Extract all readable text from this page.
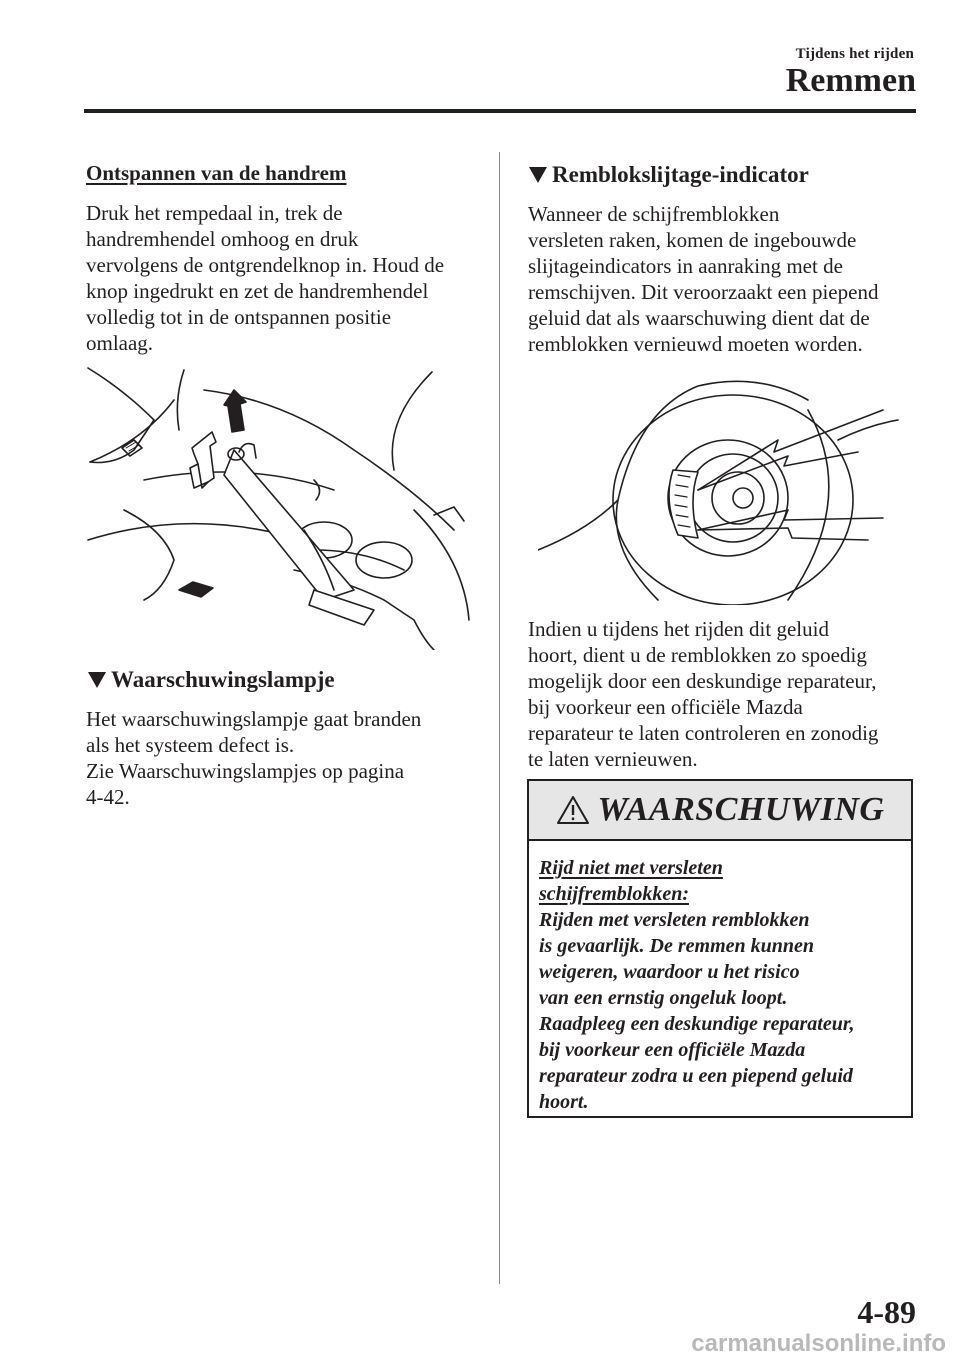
Tijdens het rijden
Remmen
Ontspannen van de handrem
Druk het rempedaal in, trek de
handremhendel omhoog en druk
vervolgens de ontgrendelknop in. Houd de
knop ingedrukt en zet de handremhendel
volledig tot in de ontspannen positie
omlaag.
Waarschuwingslampje
Het waarschuwingslampje gaat branden
als het systeem defect is.
Zie Waarschuwingslampjes op pagina
4-42.
Remblokslijtage-indicator
Wanneer de schijfremblokken
versleten raken, komen de ingebouwde
slijtageindicators in aanraking met de
remschijven. Dit veroorzaakt een piepend
geluid dat als waarschuwing dient dat de
remblokken vernieuwd moeten worden.
Indien u tijdens het rijden dit geluid
hoort, dient u de remblokken zo spoedig
mogelijk door een deskundige reparateur,
bij voorkeur een officiële Mazda
reparateur te laten controleren en zonodig
te laten vernieuwen.
WAARSCHUWING
Rijd niet met versleten
schijfremblokken:
Rijden met versleten remblokken
is gevaarlijk. De remmen kunnen
weigeren, waardoor u het risico
van een ernstig ongeluk loopt.
Raadpleeg een deskundige reparateur,
bij voorkeur een officiële Mazda
reparateur zodra u een piepend geluid
hoort.
4-89
carmanualsonline.info
